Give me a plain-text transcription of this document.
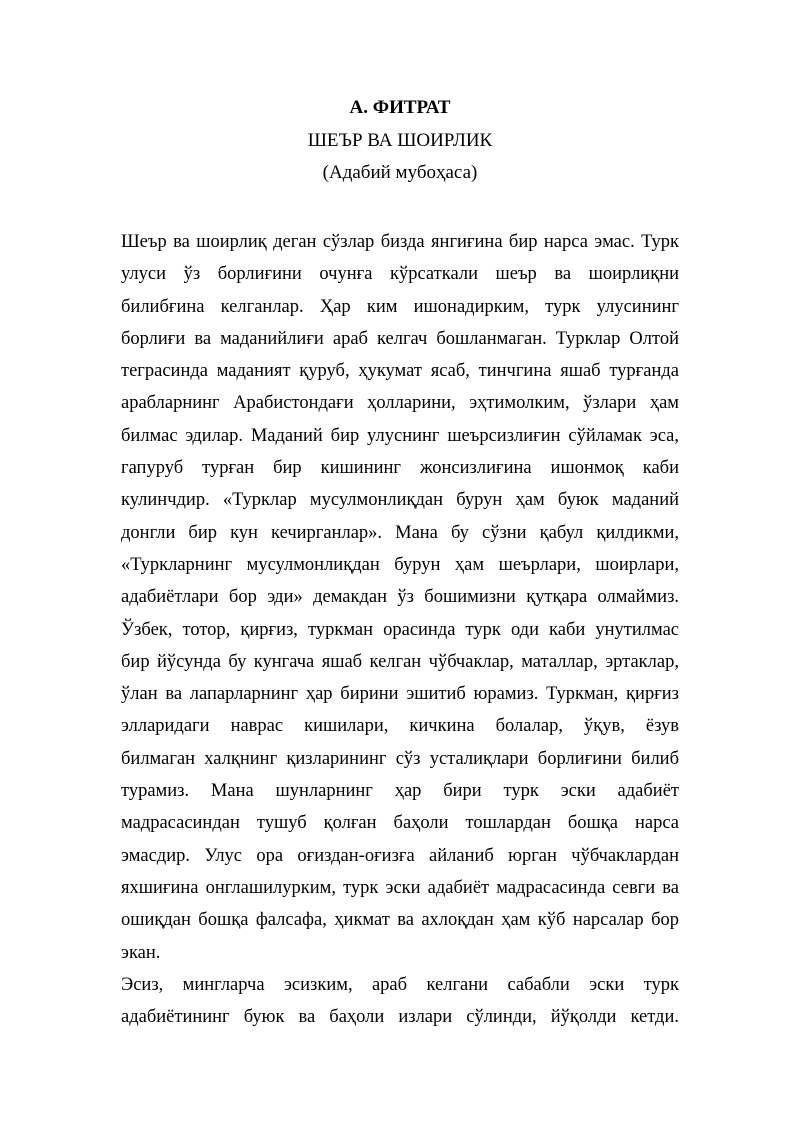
А. ФИТРАТ
ШЕЪР ВА ШОИРЛИК
(Адабий мубоҳаса)
Шеър ва шоирлиқ деган сўзлар бизда янгиғина бир нарса эмас. Турк
улуси ўз борлиғини очунға кўрсаткали шеър ва шоирлиқни
билибғина келганлар. Ҳар ким ишонадирким, турк улусининг
борлиғи ва маданийлиғи араб келгач бошланмаган. Турклар Олтой
теграсинда маданият қуруб, ҳукумат ясаб, тинчгина яшаб турғанда
арабларнинг Арабистондағи ҳолларини, эҳтимолким, ўзлари ҳам
билмас эдилар. Маданий бир улуснинг шеърсизлиғин сўйламак эса,
гапуруб турған бир кишининг жонсизлиғина ишонмоқ каби
кулинчдир. «Турклар мусулмонлиқдан бурун ҳам буюк маданий
донгли бир кун кечирганлар». Мана бу сўзни қабул қилдикми,
«Туркларнинг мусулмонлиқдан бурун ҳам шеърлари, шоирлари,
адабиётлари бор эди» демакдан ўз бошимизни қутқара олмаймиз.
Ўзбек, тотор, қирғиз, туркман орасинда турк оди каби унутилмас
бир йўсунда бу кунгача яшаб келган чўбчаклар, маталлар, эртаклар,
ўлан ва лапарларнинг ҳар бирини эшитиб юрамиз. Туркман, қирғиз
элларидаги наврас кишилари, кичкина болалар, ўқув, ёзув
билмаган халқнинг қизларининг сўз усталиқлари борлиғини билиб
турамиз. Мана шунларнинг ҳар бири турк эски адабиёт
мадрасасиндан тушуб қолған баҳоли тошлардан бошқа нарса
эмасдир. Улус ора оғиздан-оғизға айланиб юрган чўбчаклардан
яхшиғина онглашилурким, турк эски адабиёт мадрасасинда севги ва
ошиқдан бошқа фалсафа, ҳикмат ва ахлоқдан ҳам кўб нарсалар бор
экан.
Эсиз, мингларча эсизким, араб келгани сабабли эски турк
адабиётининг буюк ва баҳоли излари сўлинди, йўқолди кетди.
